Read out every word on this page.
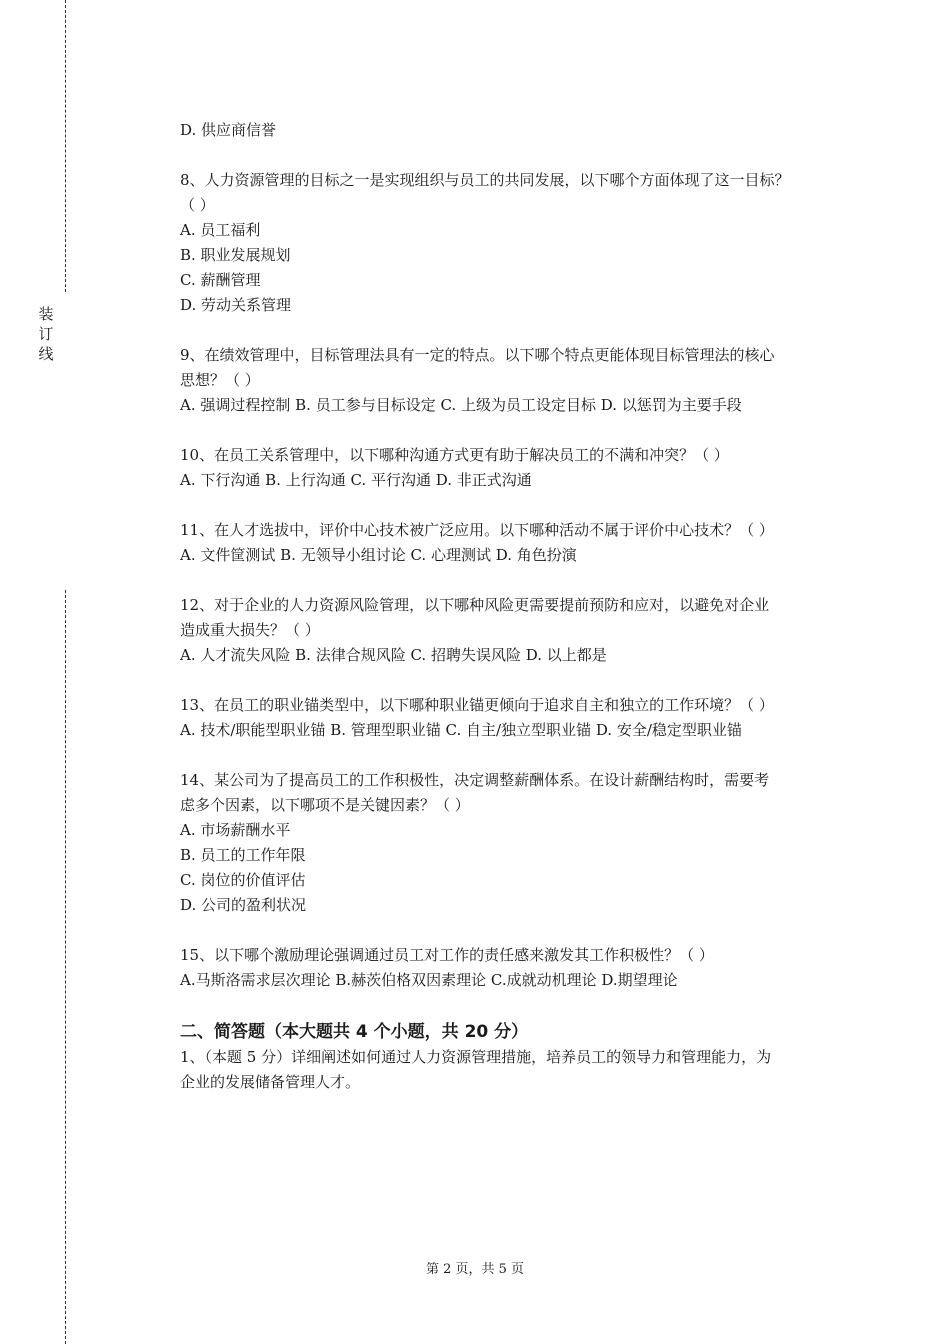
装
订
线
D. 供应商信誉
8、人力资源管理的目标之一是实现组织与员工的共同发展，以下哪个方面体现了这一目标？
（ ）
A. 员工福利
B. 职业发展规划
C. 薪酬管理
D. 劳动关系管理
9、在绩效管理中，目标管理法具有一定的特点。以下哪个特点更能体现目标管理法的核心
思想？（ ）
A. 强调过程控制 B. 员工参与目标设定 C. 上级为员工设定目标 D. 以惩罚为主要手段
10、在员工关系管理中，以下哪种沟通方式更有助于解决员工的不满和冲突？（ ）
A. 下行沟通 B. 上行沟通 C. 平行沟通 D. 非正式沟通
11、在人才选拔中，评价中心技术被广泛应用。以下哪种活动不属于评价中心技术？（ ）
A. 文件筐测试 B. 无领导小组讨论 C. 心理测试 D. 角色扮演
12、对于企业的人力资源风险管理，以下哪种风险更需要提前预防和应对，以避免对企业
造成重大损失？（ ）
A. 人才流失风险 B. 法律合规风险 C. 招聘失误风险 D. 以上都是
13、在员工的职业锚类型中，以下哪种职业锚更倾向于追求自主和独立的工作环境？（ ）
A. 技术/职能型职业锚 B. 管理型职业锚 C. 自主/独立型职业锚 D. 安全/稳定型职业锚
14、某公司为了提高员工的工作积极性，决定调整薪酬体系。在设计薪酬结构时，需要考
虑多个因素，以下哪项不是关键因素？（ ）
A. 市场薪酬水平
B. 员工的工作年限
C. 岗位的价值评估
D. 公司的盈利状况
15、以下哪个激励理论强调通过员工对工作的责任感来激发其工作积极性？（ ）
A.马斯洛需求层次理论 B.赫茨伯格双因素理论 C.成就动机理论 D.期望理论
二、简答题（本大题共 4 个小题，共 20 分）
1、（本题 5 分）详细阐述如何通过人力资源管理措施，培养员工的领导力和管理能力，为
企业的发展储备管理人才。
第 2 页，共 5 页
